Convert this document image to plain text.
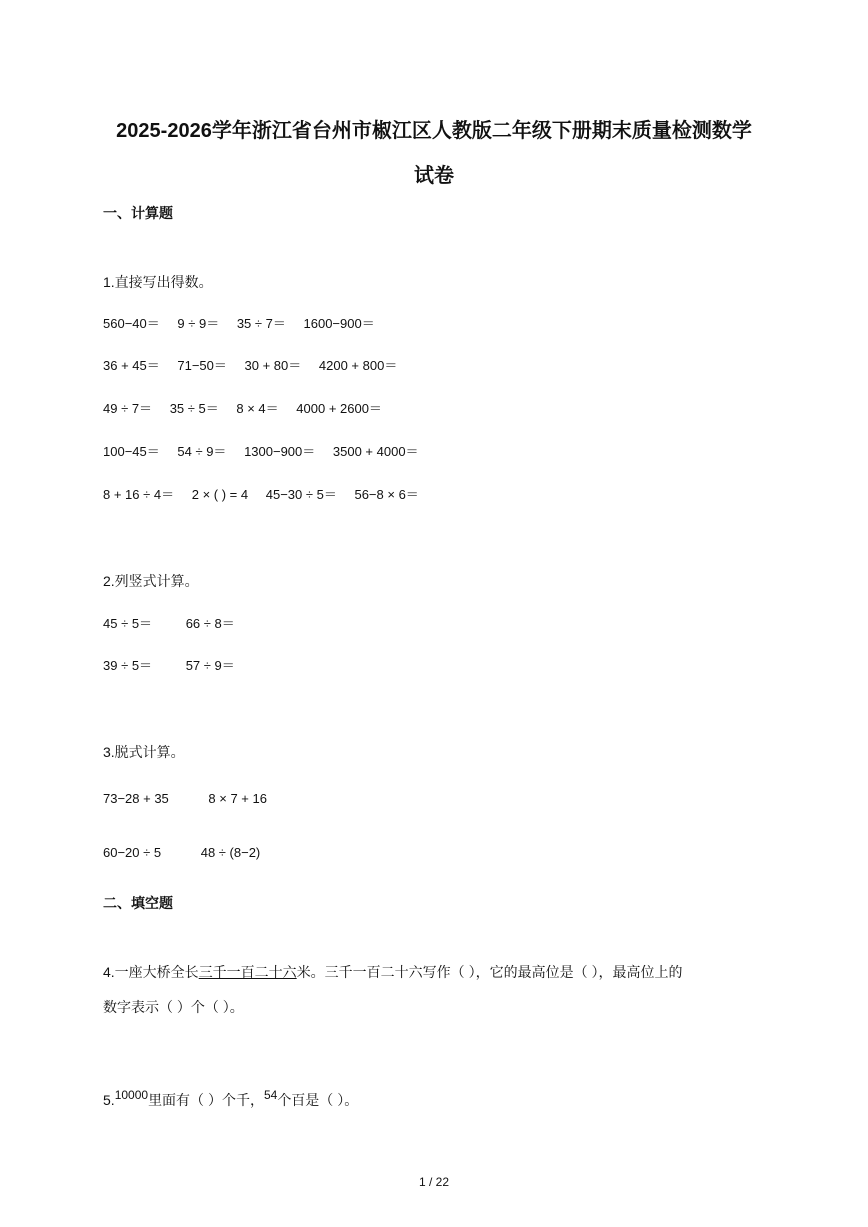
2025-2026学年浙江省台州市椒江区人教版二年级下册期末质量检测数学
试卷
一、计算题
1.直接写出得数。
560−40＝ 9 ÷ 9＝ 35 ÷ 7＝ 1600−900＝
36 + 45＝ 71−50＝ 30 + 80＝ 4200 + 800＝
49 ÷ 7＝ 35 ÷ 5＝ 8 × 4＝ 4000 + 2600＝
100−45＝ 54 ÷ 9＝ 1300−900＝ 3500 + 4000＝
8 + 16 ÷ 4＝ 2 × ( ) = 4 45−30 ÷ 5＝ 56−8 × 6＝
2.列竖式计算。
45 ÷ 5＝	66 ÷ 8＝
39 ÷ 5＝	57 ÷ 9＝
3.脱式计算。
73−28 + 35	8 × 7 + 16
60−20 ÷ 5	48 ÷ (8−2)
二、填空题
4.一座大桥全长三千一百二十六米。三千一百二十六写作（ ），它的最高位是（ ），最高位上的
数字表示（ ）个（ ）。
5.10000里面有（ ）个千，54个百是（ ）。
1 / 22
